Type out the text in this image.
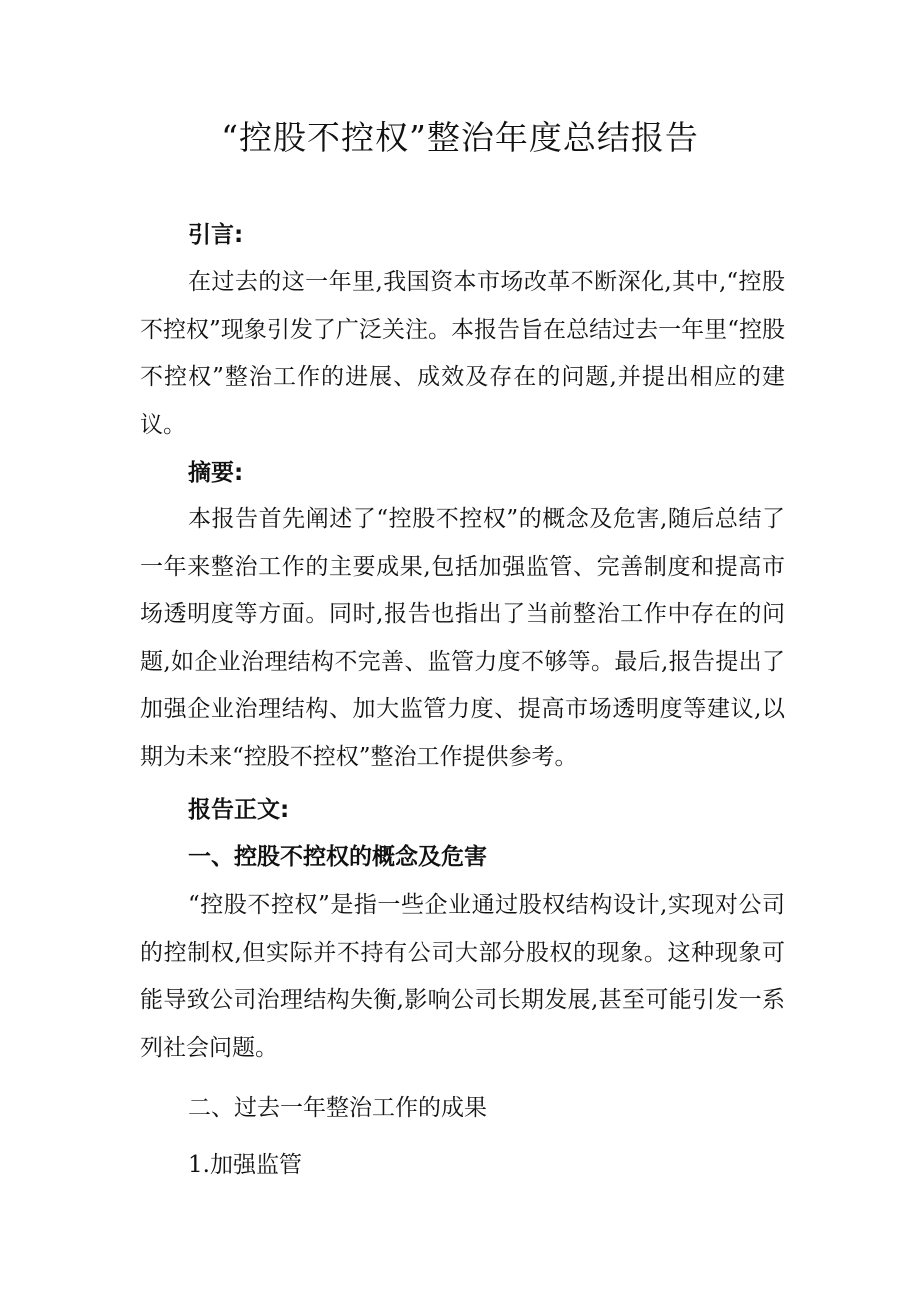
“控股不控权”整治年度总结报告

引言:

在过去的这一年里,我国资本市场改革不断深化,其中,“控股不控权”现象引发了广泛关注。本报告旨在总结过去一年里“控股不控权”整治工作的进展、成效及存在的问题,并提出相应的建议。

摘要:

本报告首先阐述了“控股不控权”的概念及危害,随后总结了一年来整治工作的主要成果,包括加强监管、完善制度和提高市场透明度等方面。同时,报告也指出了当前整治工作中存在的问题,如企业治理结构不完善、监管力度不够等。最后,报告提出了加强企业治理结构、加大监管力度、提高市场透明度等建议,以期为未来“控股不控权”整治工作提供参考。

报告正文:

一、控股不控权的概念及危害

“控股不控权”是指一些企业通过股权结构设计,实现对公司的控制权,但实际并不持有公司大部分股权的现象。这种现象可能导致公司治理结构失衡,影响公司长期发展,甚至可能引发一系列社会问题。

二、过去一年整治工作的成果

1.加强监管
